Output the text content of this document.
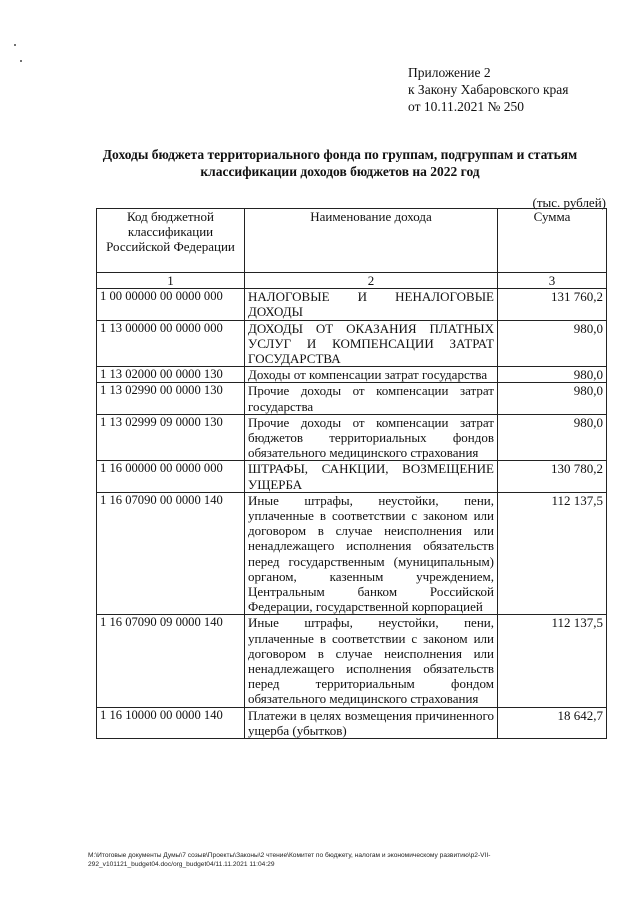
Приложение 2
к Закону Хабаровского края
от 10.11.2021 № 250
Доходы бюджета территориального фонда по группам, подгруппам и статьям
классификации доходов бюджетов на 2022 год
(тыс. рублей)
Код бюджетной классификации Российской Федерации	Наименование дохода	Сумма
1	2	3
1 00 00000 00 0000 000	НАЛОГОВЫЕ И НЕНАЛОГОВЫЕ ДОХОДЫ	131 760,2
1 13 00000 00 0000 000	ДОХОДЫ ОТ ОКАЗАНИЯ ПЛАТНЫХ УСЛУГ И КОМПЕНСАЦИИ ЗАТРАТ ГОСУДАРСТВА	980,0
1 13 02000 00 0000 130	Доходы от компенсации затрат государства	980,0
1 13 02990 00 0000 130	Прочие доходы от компенсации затрат государства	980,0
1 13 02999 09 0000 130	Прочие доходы от компенсации затрат бюджетов территориальных фондов обязательного медицинского страхования	980,0
1 16 00000 00 0000 000	ШТРАФЫ, САНКЦИИ, ВОЗМЕЩЕНИЕ УЩЕРБА	130 780,2
1 16 07090 00 0000 140	Иные штрафы, неустойки, пени, уплаченные в соответствии с законом или договором в случае неисполнения или ненадлежащего исполнения обязательств перед государственным (муниципальным) органом, казенным учреждением, Центральным банком Российской Федерации, государственной корпорацией	112 137,5
1 16 07090 09 0000 140	Иные штрафы, неустойки, пени, уплаченные в соответствии с законом или договором в случае неисполнения или ненадлежащего исполнения обязательств перед территориальным фондом обязательного медицинского страхования	112 137,5
1 16 10000 00 0000 140	Платежи в целях возмещения причиненного ущерба (убытков)	18 642,7
M:\Итоговые документы Думы\7 созыв\Проекты\Законы\2 чтение\Комитет по бюджету, налогам и экономическому развитию\р2-VII-
292_v101121_budget04.doc/org_budget04/11.11.2021 11:04:29
